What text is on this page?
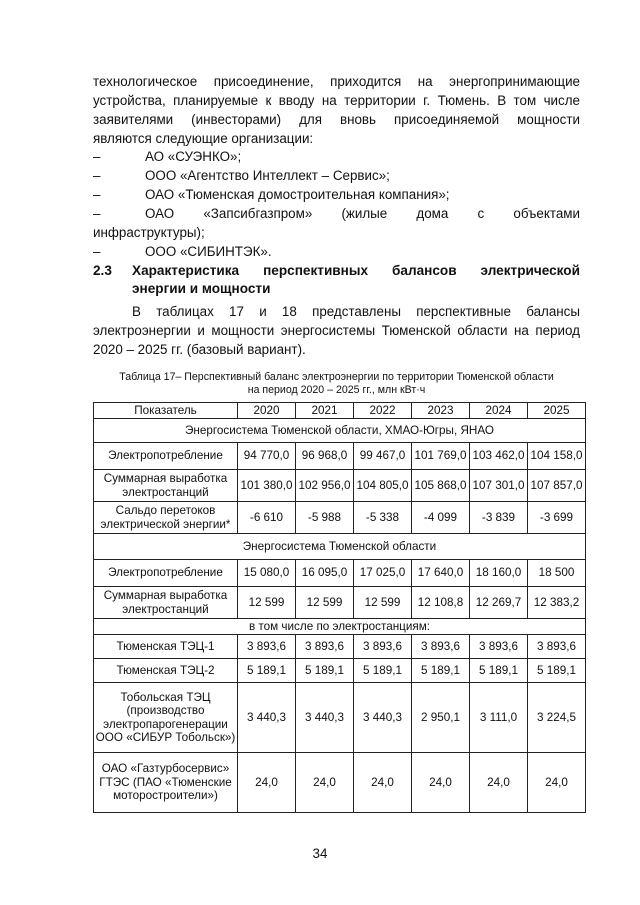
технологическое присоединение, приходится на энергопринимающие
устройства, планируемые к вводу на территории г. Тюмень. В том числе
заявителями (инвесторами) для вновь присоединяемой мощности
являются следующие организации:
–	АО «СУЭНКО»;
–	ООО «Агентство Интеллект – Сервис»;
–	ОАО «Тюменская домостроительная компания»;
–	ОАО «Запсибгазпром» (жилые дома с объектами
инфраструктуры);
–	ООО «СИБИНТЭК».
2.3 Характеристика перспективных балансов электрической
энергии и мощности
В таблицах 17 и 18 представлены перспективные балансы
электроэнергии и мощности энергосистемы Тюменской области на период
2020 – 2025 гг. (базовый вариант).
Таблица 17– Перспективный баланс электроэнергии по территории Тюменской области
на период 2020 – 2025 гг., млн кВт·ч
Показатель	2020	2021	2022	2023	2024	2025
Энергосистема Тюменской области, ХМАО-Югры, ЯНАО						
Электропотребление	94 770,0	96 968,0	99 467,0	101 769,0	103 462,0	104 158,0
Суммарная выработка электростанций	101 380,0	102 956,0	104 805,0	105 868,0	107 301,0	107 857,0
Сальдо перетоков электрической энергии*	-6 610	-5 988	-5 338	-4 099	-3 839	-3 699
Энергосистема Тюменской области						
Электропотребление	15 080,0	16 095,0	17 025,0	17 640,0	18 160,0	18 500
Суммарная выработка электростанций	12 599	12 599	12 599	12 108,8	12 269,7	12 383,2
в том числе по электростанциям:						
Тюменская ТЭЦ-1	3 893,6	3 893,6	3 893,6	3 893,6	3 893,6	3 893,6
Тюменская ТЭЦ-2	5 189,1	5 189,1	5 189,1	5 189,1	5 189,1	5 189,1
Тобольская ТЭЦ (производство электропарогенерации ООО «СИБУР Тобольск»)	3 440,3	3 440,3	3 440,3	2 950,1	3 111,0	3 224,5
ОАО «Газтурбосервис» ГТЭС (ПАО «Тюменские моторостроители»)	24,0	24,0	24,0	24,0	24,0	24,0
34
